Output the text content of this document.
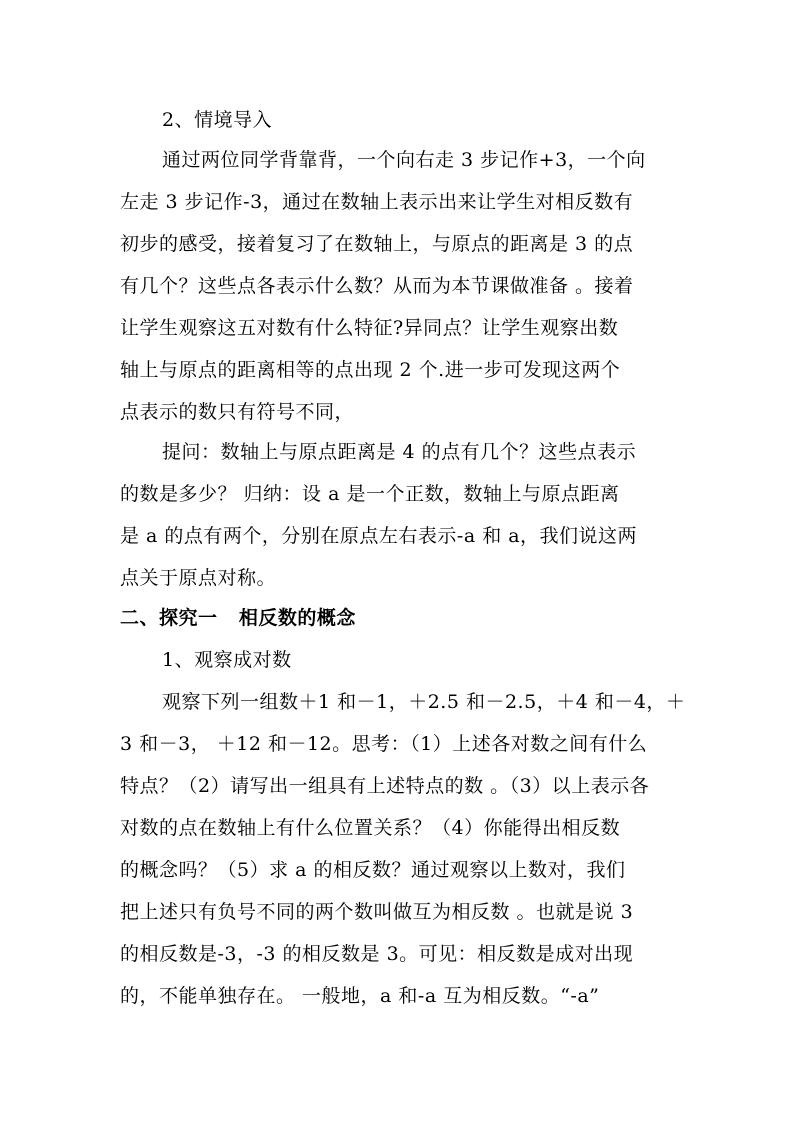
2、情境导入
通过两位同学背靠背，一个向右走 3 步记作+3，一个向
左走 3 步记作-3，通过在数轴上表示出来让学生对相反数有
初步的感受，接着复习了在数轴上，与原点的距离是 3 的点
有几个？这些点各表示什么数？从而为本节课做准备 。接着
让学生观察这五对数有什么特征?异同点？让学生观察出数
轴上与原点的距离相等的点出现 2 个.进一步可发现这两个
点表示的数只有符号不同，
提问：数轴上与原点距离是 4 的点有几个？这些点表示
的数是多少？ 归纳：设 a 是一个正数，数轴上与原点距离
是 a 的点有两个，分别在原点左右表示-a 和 a，我们说这两
点关于原点对称。
二、探究一   相反数的概念
1、观察成对数
观察下列一组数＋1 和－1，＋2.5 和－2.5，＋4 和－4，＋
3 和－3， ＋12 和－12。思考：（1）上述各对数之间有什么
特点？（2）请写出一组具有上述特点的数 。（3）以上表示各
对数的点在数轴上有什么位置关系？（4）你能得出相反数
的概念吗？（5）求 a 的相反数？通过观察以上数对，我们
把上述只有负号不同的两个数叫做互为相反数 。也就是说 3
的相反数是-3，-3 的相反数是 3。可见：相反数是成对出现
的，不能单独存在。 一般地，a 和-a 互为相反数。“-a”
